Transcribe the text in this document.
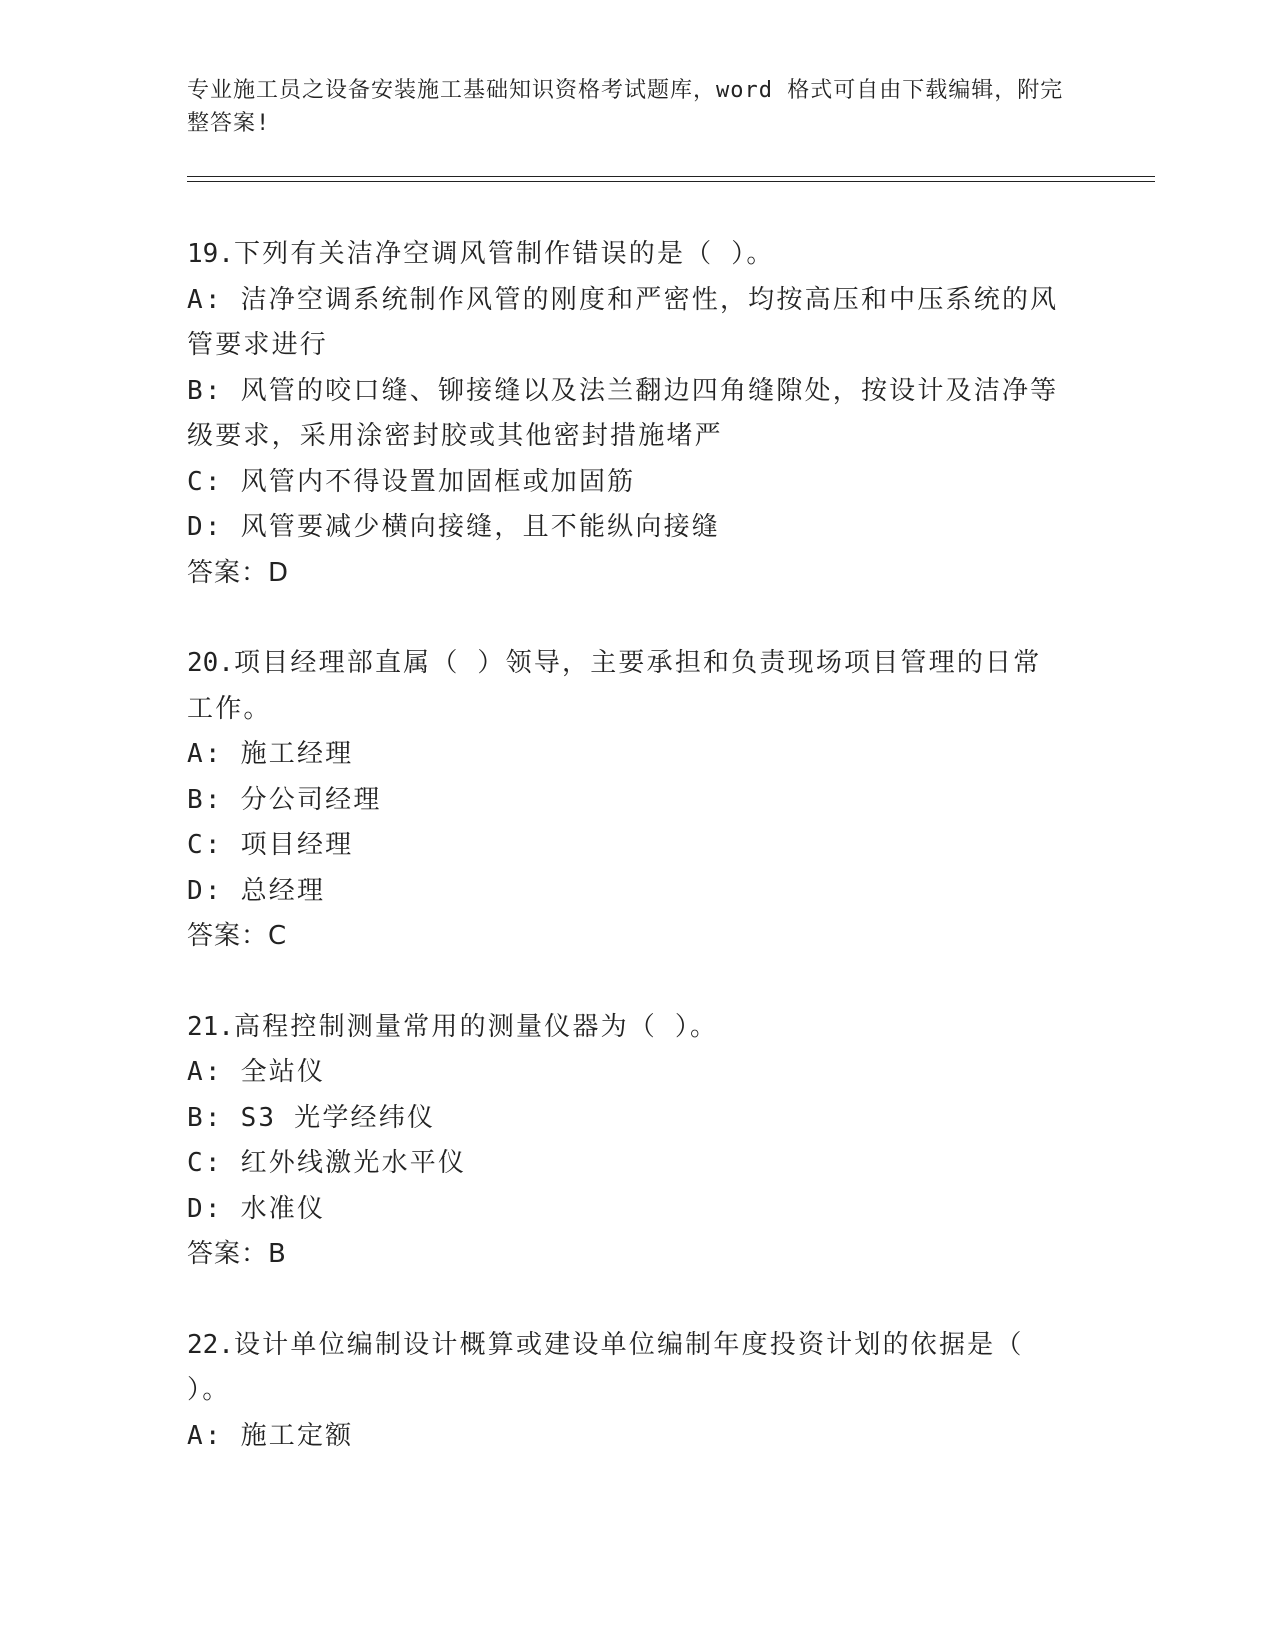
专业施工员之设备安装施工基础知识资格考试题库，word 格式可自由下载编辑，附完整答案!

19.下列有关洁净空调风管制作错误的是（ ）。

A: 洁净空调系统制作风管的刚度和严密性，均按高压和中压系统的风管要求进行

B: 风管的咬口缝、铆接缝以及法兰翻边四角缝隙处，按设计及洁净等级要求，采用涂密封胶或其他密封措施堵严

C: 风管内不得设置加固框或加固筋

D: 风管要减少横向接缝，且不能纵向接缝

答案：D

20.项目经理部直属（ ）领导，主要承担和负责现场项目管理的日常工作。

A: 施工经理

B: 分公司经理

C: 项目经理

D: 总经理

答案：C

21.高程控制测量常用的测量仪器为（ ）。

A: 全站仪

B: S3 光学经纬仪

C: 红外线激光水平仪

D: 水准仪

答案：B

22.设计单位编制设计概算或建设单位编制年度投资计划的依据是（ ）。

A: 施工定额
